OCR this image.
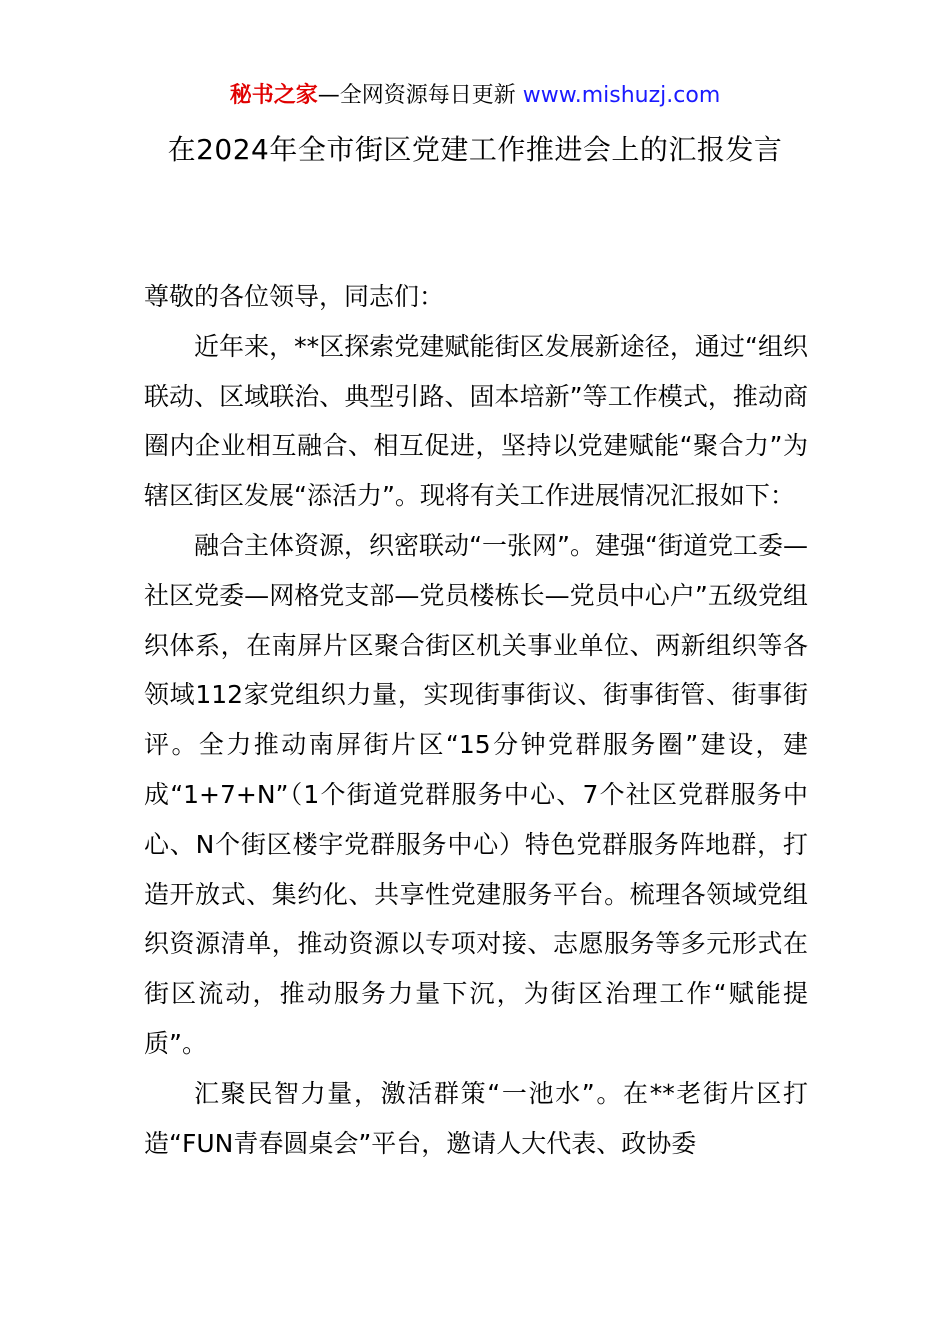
秘书之家—全网资源每日更新 www.mishuzj.com
在2024年全市街区党建工作推进会上的汇报发言

尊敬的各位领导，同志们：

近年来，**区探索党建赋能街区发展新途径，通过“组织联动、区域联治、典型引路、固本培新”等工作模式，推动商圈内企业相互融合、相互促进，坚持以党建赋能“聚合力”为辖区街区发展“添活力”。现将有关工作进展情况汇报如下：

融合主体资源，织密联动“一张网”。建强“街道党工委—社区党委—网格党支部—党员楼栋长—党员中心户”五级党组织体系，在南屏片区聚合街区机关事业单位、两新组织等各领域112家党组织力量，实现街事街议、街事街管、街事街评。全力推动南屏街片区“15分钟党群服务圈”建设，建成“1+7+N”（1个街道党群服务中心、7个社区党群服务中心、N个街区楼宇党群服务中心）特色党群服务阵地群，打造开放式、集约化、共享性党建服务平台。梳理各领域党组织资源清单，推动资源以专项对接、志愿服务等多元形式在街区流动，推动服务力量下沉，为街区治理工作“赋能提质”。

汇聚民智力量，激活群策“一池水”。在**老街片区打造“FUN青春圆桌会”平台，邀请人大代表、政协委
